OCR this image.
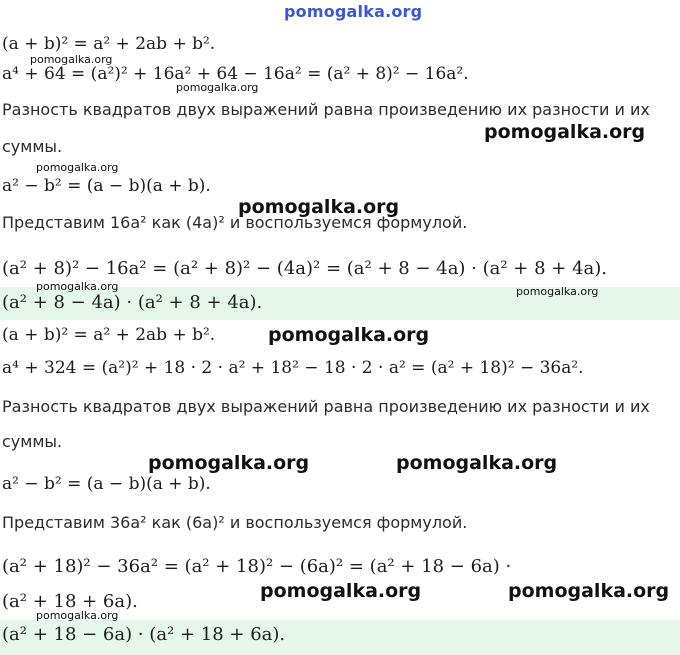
pomogalka.org
(a + b)² = a² + 2ab + b².
a⁴ + 64 = (a²)² + 16a² + 64 − 16a² = (a² + 8)² − 16a².
Разность квадратов двух выражений равна произведению их разности и их
суммы.
a² − b² = (a − b)(a + b).
Представим 16a² как (4a)² и воспользуемся формулой.
(a² + 8)² − 16a² = (a² + 8)² − (4a)² = (a² + 8 − 4a) · (a² + 8 + 4a).
(a² + 8 − 4a) · (a² + 8 + 4a).
(a + b)² = a² + 2ab + b².
a⁴ + 324 = (a²)² + 18 · 2 · a² + 18² − 18 · 2 · a² = (a² + 18)² − 36a².
Разность квадратов двух выражений равна произведению их разности и их
суммы.
a² − b² = (a − b)(a + b).
Представим 36a² как (6a)² и воспользуемся формулой.
(a² + 18)² − 36a² = (a² + 18)² − (6a)² = (a² + 18 − 6a) ·
(a² + 18 + 6a).
(a² + 18 − 6a) · (a² + 18 + 6a).
pomogalka.org
pomogalka.org
pomogalka.org
pomogalka.org
pomogalka.org
pomogalka.org	pomogalka.org
pomogalka.org
pomogalka.org	pomogalka.org
pomogalka.org	pomogalka.org
pomogalka.org
